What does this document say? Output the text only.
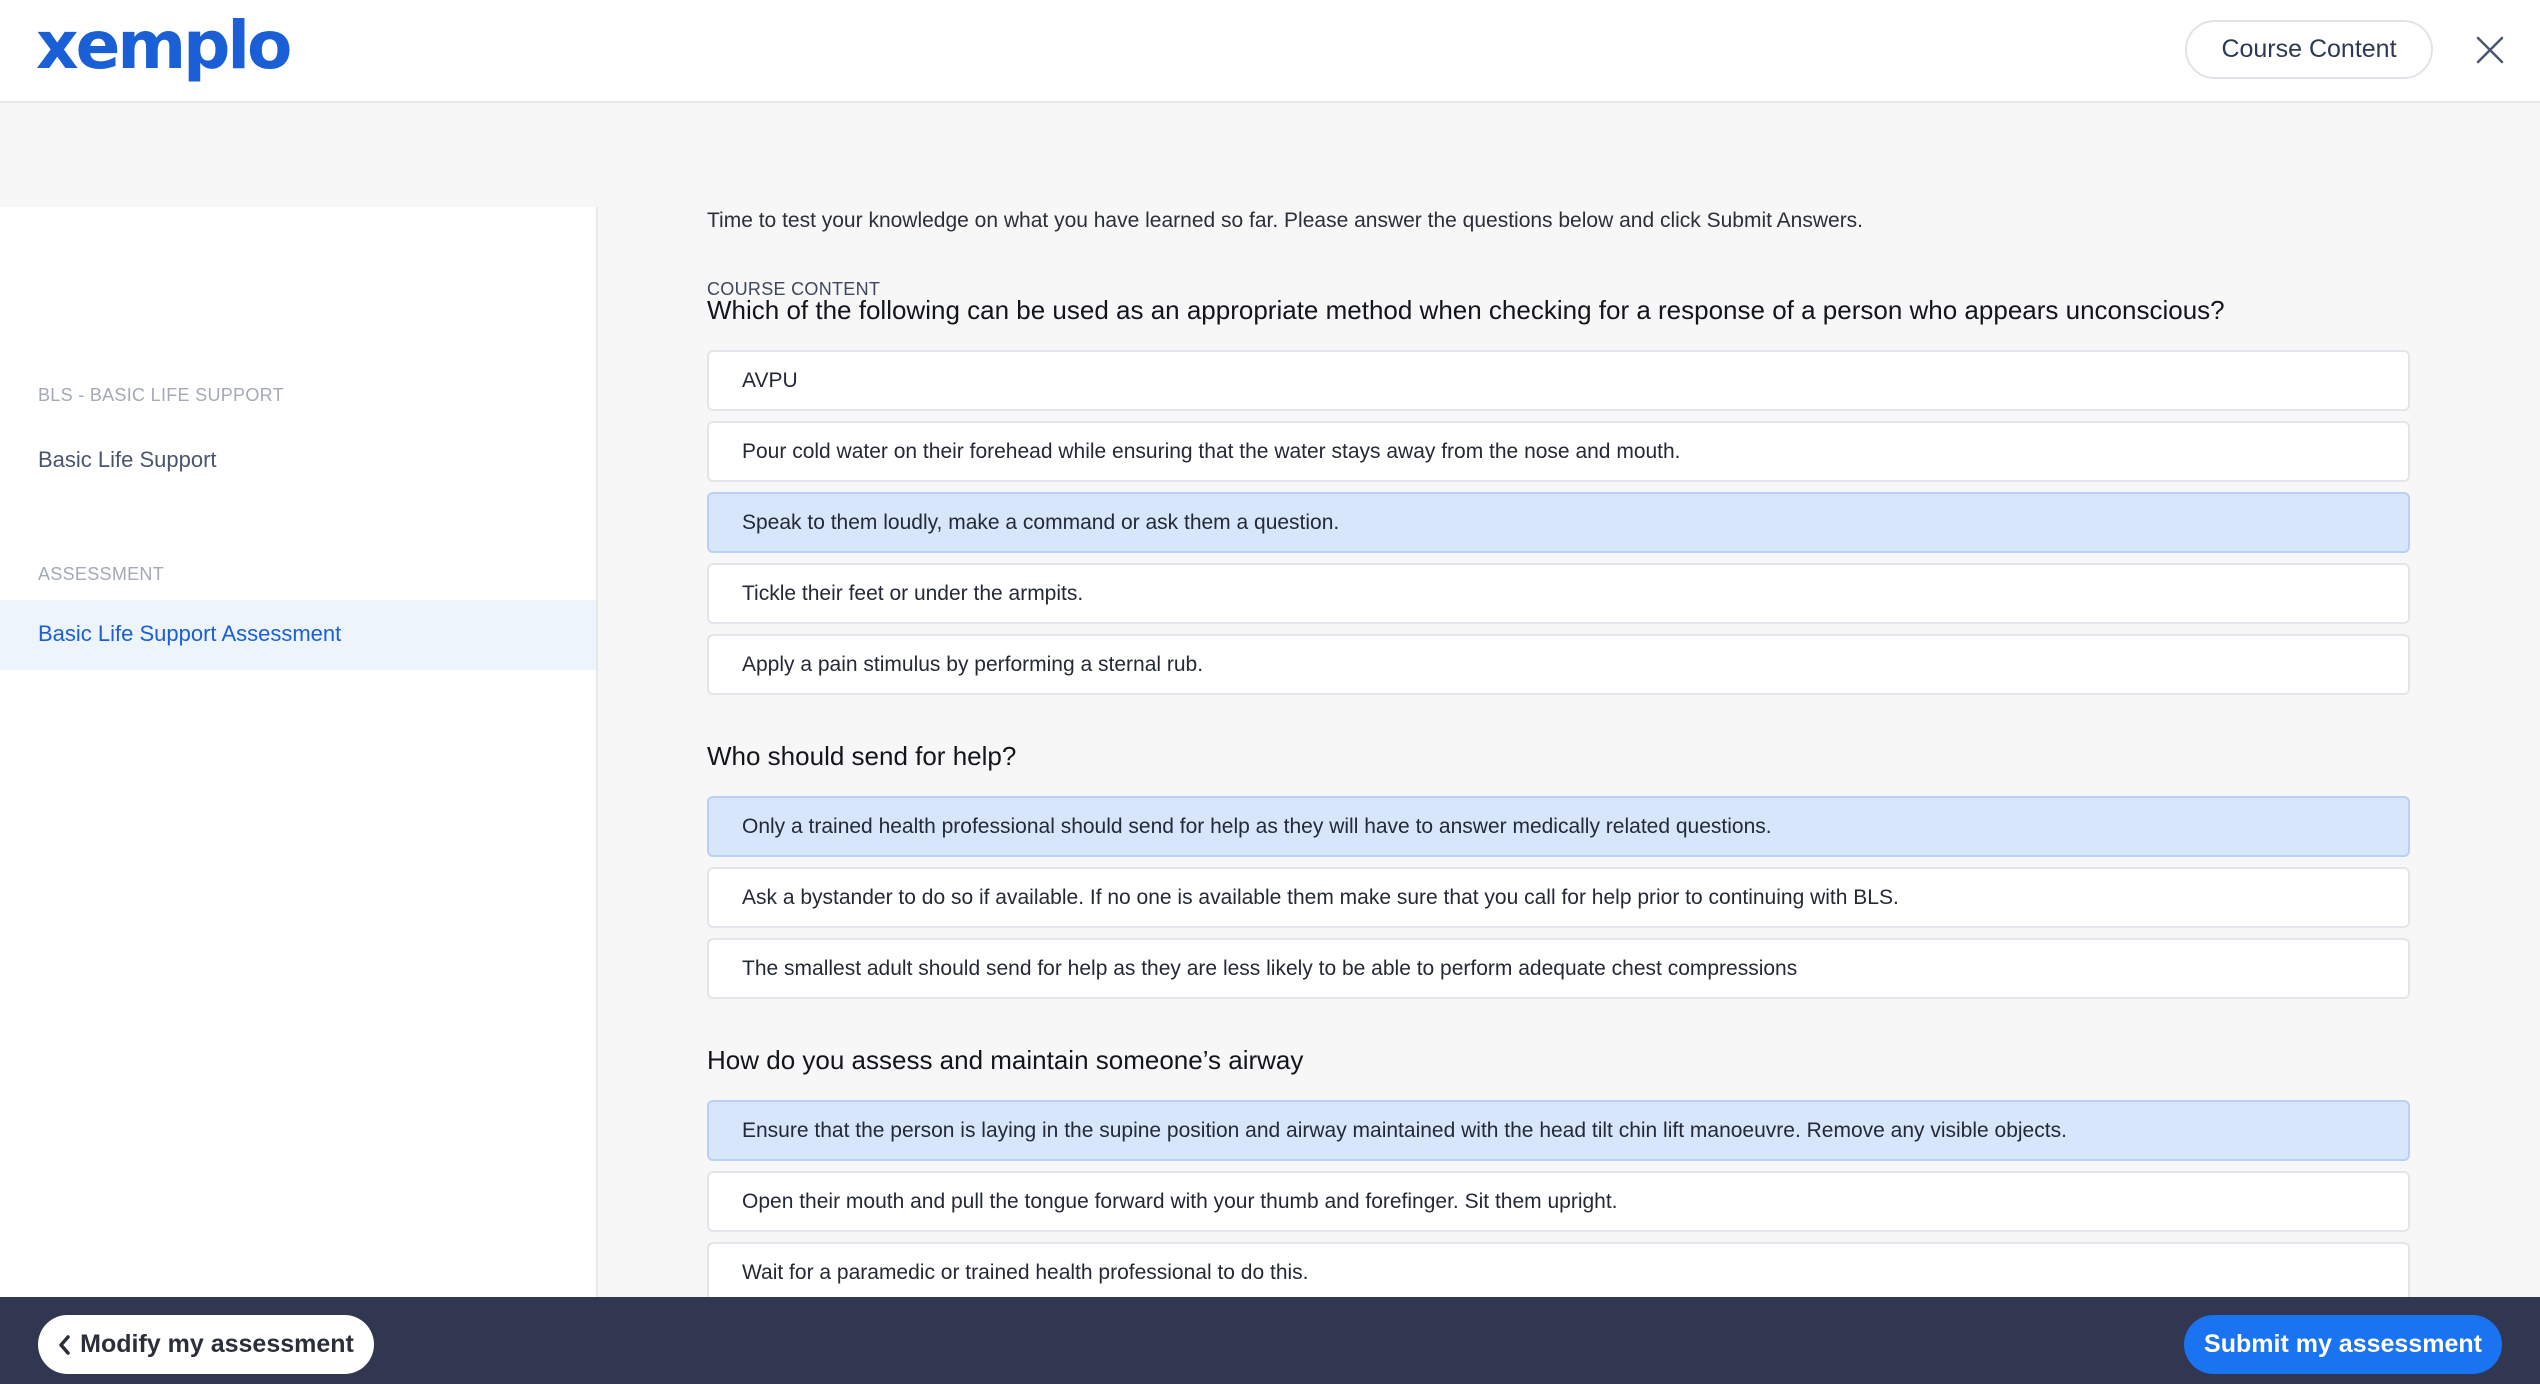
xemplo	Course Content
COURSE CONTENT
BLS - BASIC LIFE SUPPORT
Basic Life Support
ASSESSMENT
Basic Life Support Assessment
Time to test your knowledge on what you have learned so far. Please answer the questions below and click Submit Answers.
Which of the following can be used as an appropriate method when checking for a response of a person who appears unconscious?
AVPU
Pour cold water on their forehead while ensuring that the water stays away from the nose and mouth.
Speak to them loudly, make a command or ask them a question.
Tickle their feet or under the armpits.
Apply a pain stimulus by performing a sternal rub.
Who should send for help?
Only a trained health professional should send for help as they will have to answer medically related questions.
Ask a bystander to do so if available. If no one is available them make sure that you call for help prior to continuing with BLS.
The smallest adult should send for help as they are less likely to be able to perform adequate chest compressions
How do you assess and maintain someone’s airway
Ensure that the person is laying in the supine position and airway maintained with the head tilt chin lift manoeuvre. Remove any visible objects.
Open their mouth and pull the tongue forward with your thumb and forefinger. Sit them upright.
Wait for a paramedic or trained health professional to do this.
Modify my assessment	Submit my assessment
